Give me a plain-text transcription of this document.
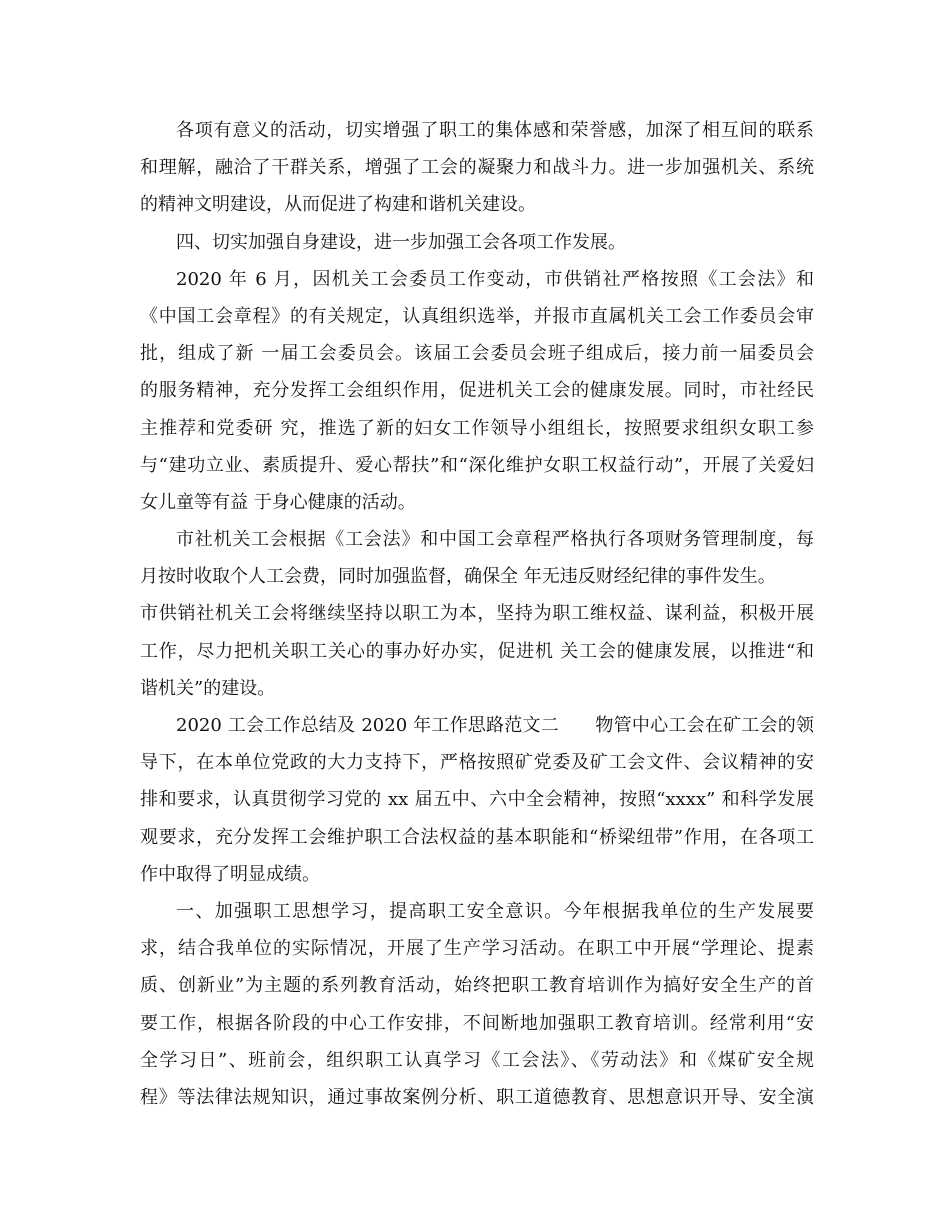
各项有意义的活动，切实增强了职工的集体感和荣誉感，加深了相互间的联系
和理解，融洽了干群关系，增强了工会的凝聚力和战斗力。进一步加强机关、系统
的精神文明建设，从而促进了构建和谐机关建设。
四、切实加强自身建设，进一步加强工会各项工作发展。
2020 年 6 月，因机关工会委员工作变动，市供销社严格按照《工会法》和
《中国工会章程》的有关规定，认真组织选举，并报市直属机关工会工作委员会审
批，组成了新 一届工会委员会。该届工会委员会班子组成后，接力前一届委员会
的服务精神，充分发挥工会组织作用，促进机关工会的健康发展。同时，市社经民
主推荐和党委研 究，推选了新的妇女工作领导小组组长，按照要求组织女职工参
与“建功立业、素质提升、爱心帮扶”和“深化维护女职工权益行动”，开展了关爱妇
女儿童等有益 于身心健康的活动。
市社机关工会根据《工会法》和中国工会章程严格执行各项财务管理制度，每
月按时收取个人工会费，同时加强监督，确保全 年无违反财经纪律的事件发生。
市供销社机关工会将继续坚持以职工为本，坚持为职工维权益、谋利益，积极开展
工作，尽力把机关职工关心的事办好办实，促进机 关工会的健康发展，以推进“和
谐机关”的建设。
2020 工会工作总结及 2020 年工作思路范文二　　物管中心工会在矿工会的领
导下，在本单位党政的大力支持下，严格按照矿党委及矿工会文件、会议精神的安
排和要求，认真贯彻学习党的 xx 届五中、六中全会精神，按照“xxxx” 和科学发展
观要求，充分发挥工会维护职工合法权益的基本职能和“桥梁纽带”作用，在各项工
作中取得了明显成绩。
一、加强职工思想学习，提高职工安全意识。今年根据我单位的生产发展要
求，结合我单位的实际情况，开展了生产学习活动。在职工中开展“学理论、提素
质、创新业”为主题的系列教育活动，始终把职工教育培训作为搞好安全生产的首
要工作，根据各阶段的中心工作安排，不间断地加强职工教育培训。经常利用“安
全学习日”、班前会，组织职工认真学习《工会法》、《劳动法》和《煤矿安全规
程》等法律法规知识，通过事故案例分析、职工道德教育、思想意识开导、安全演
